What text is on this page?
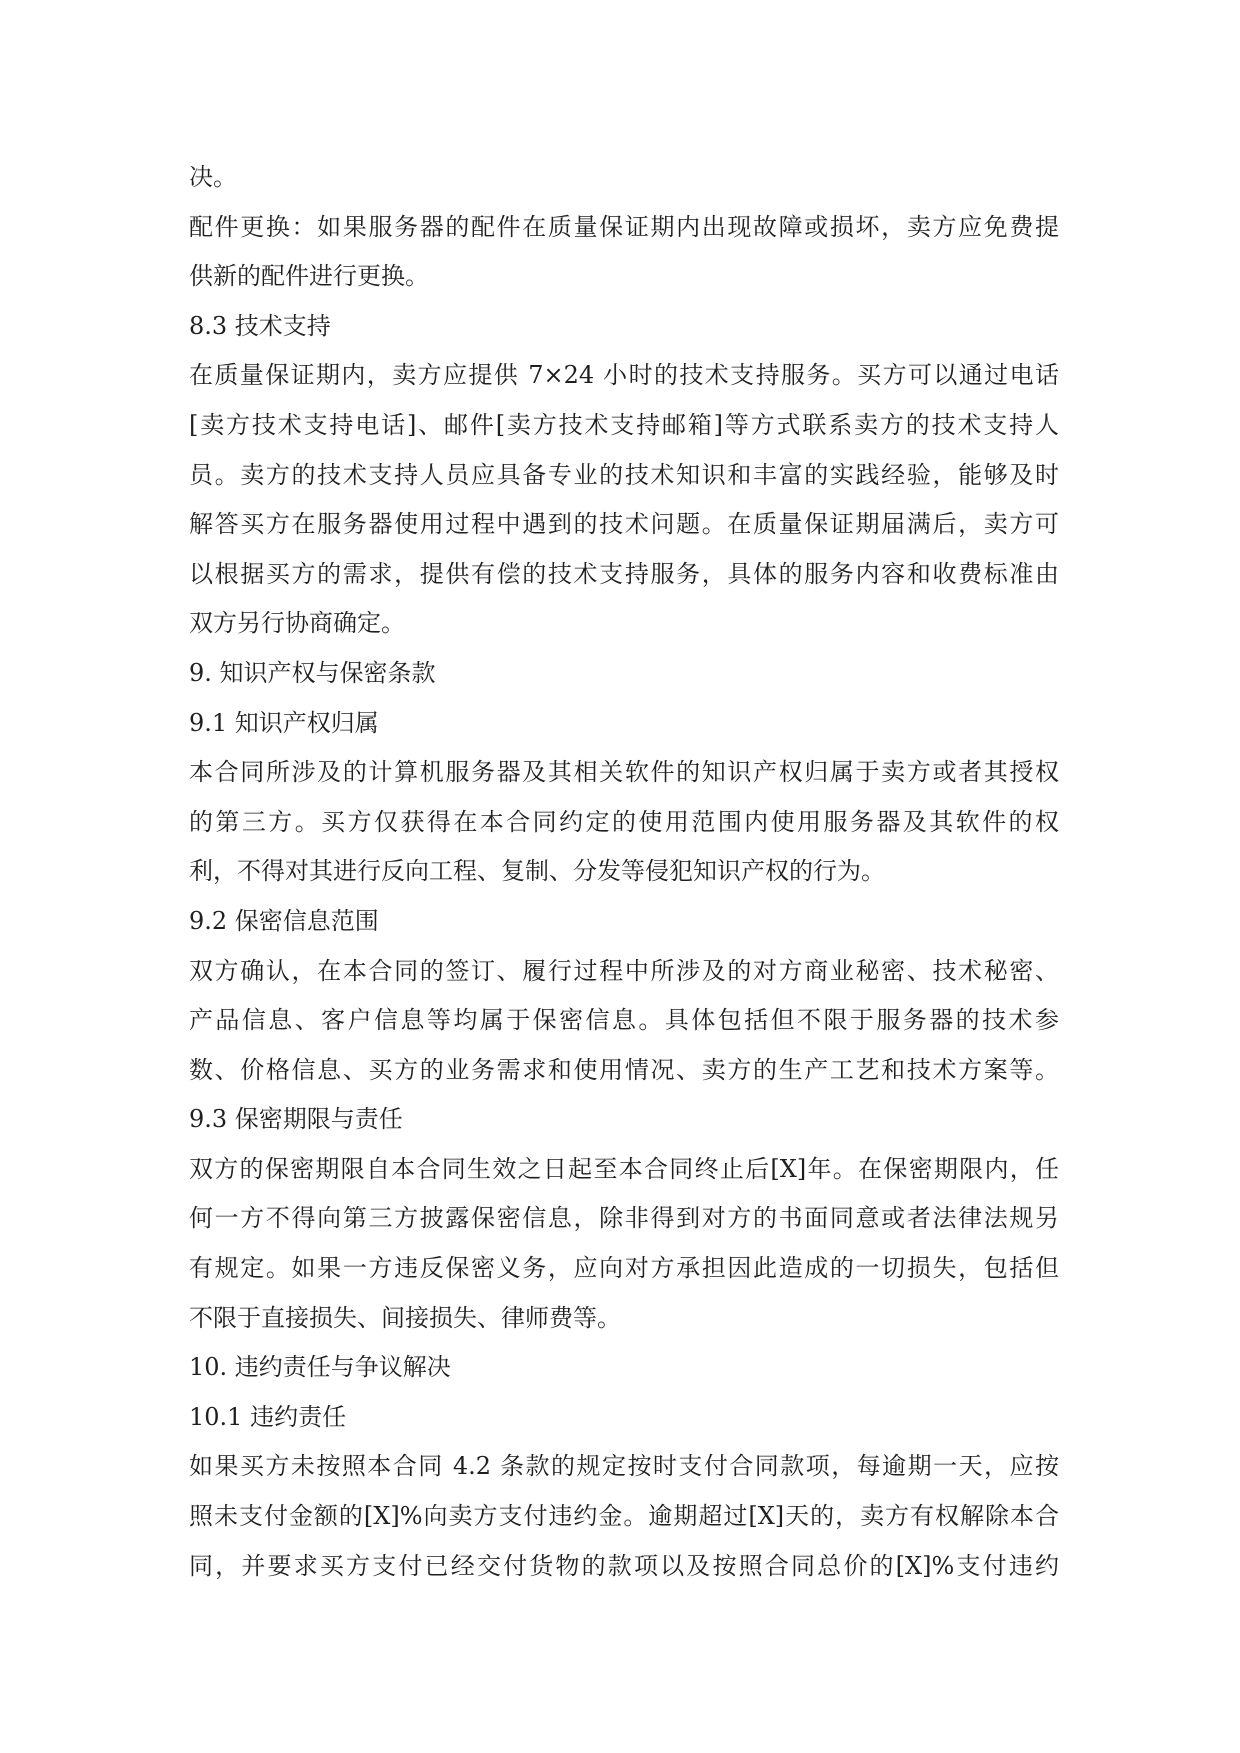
决。
配件更换：如果服务器的配件在质量保证期内出现故障或损坏，卖方应免费提
供新的配件进行更换。
8.3 技术支持
在质量保证期内，卖方应提供 7×24 小时的技术支持服务。买方可以通过电话
[卖方技术支持电话]、邮件[卖方技术支持邮箱]等方式联系卖方的技术支持人
员。卖方的技术支持人员应具备专业的技术知识和丰富的实践经验，能够及时
解答买方在服务器使用过程中遇到的技术问题。在质量保证期届满后，卖方可
以根据买方的需求，提供有偿的技术支持服务，具体的服务内容和收费标准由
双方另行协商确定。
9. 知识产权与保密条款
9.1 知识产权归属
本合同所涉及的计算机服务器及其相关软件的知识产权归属于卖方或者其授权
的第三方。买方仅获得在本合同约定的使用范围内使用服务器及其软件的权
利，不得对其进行反向工程、复制、分发等侵犯知识产权的行为。
9.2 保密信息范围
双方确认，在本合同的签订、履行过程中所涉及的对方商业秘密、技术秘密、
产品信息、客户信息等均属于保密信息。具体包括但不限于服务器的技术参
数、价格信息、买方的业务需求和使用情况、卖方的生产工艺和技术方案等。
9.3 保密期限与责任
双方的保密期限自本合同生效之日起至本合同终止后[X]年。在保密期限内，任
何一方不得向第三方披露保密信息，除非得到对方的书面同意或者法律法规另
有规定。如果一方违反保密义务，应向对方承担因此造成的一切损失，包括但
不限于直接损失、间接损失、律师费等。
10. 违约责任与争议解决
10.1 违约责任
如果买方未按照本合同 4.2 条款的规定按时支付合同款项，每逾期一天，应按
照未支付金额的[X]%向卖方支付违约金。逾期超过[X]天的，卖方有权解除本合
同，并要求买方支付已经交付货物的款项以及按照合同总价的[X]%支付违约
